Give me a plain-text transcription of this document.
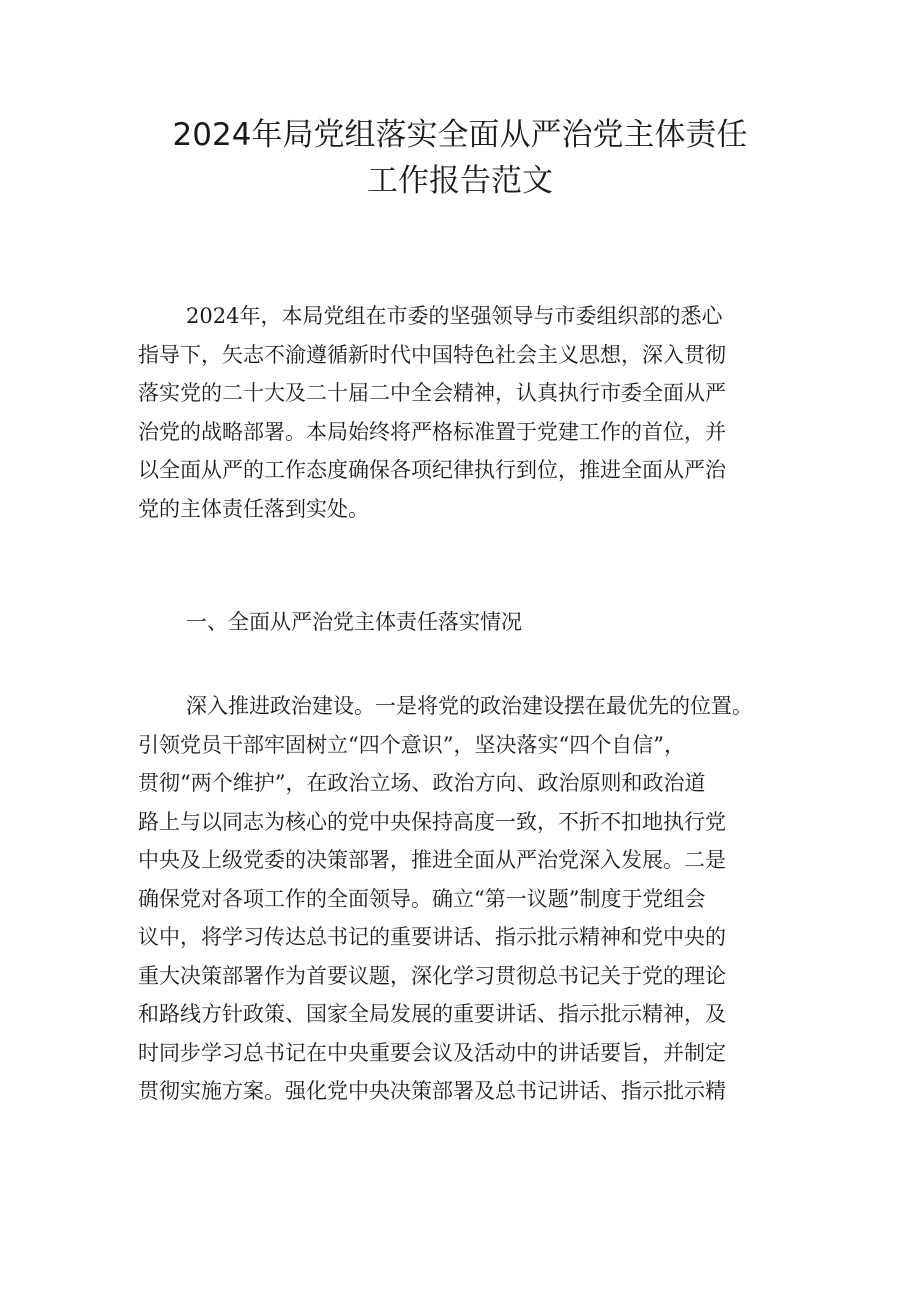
2024年局党组落实全面从严治党主体责任
工作报告范文
2024年，本局党组在市委的坚强领导与市委组织部的悉心
指导下，矢志不渝遵循新时代中国特色社会主义思想，深入贯彻
落实党的二十大及二十届二中全会精神，认真执行市委全面从严
治党的战略部署。本局始终将严格标准置于党建工作的首位，并
以全面从严的工作态度确保各项纪律执行到位，推进全面从严治
党的主体责任落到实处。
一、全面从严治党主体责任落实情况
深入推进政治建设。一是将党的政治建设摆在最优先的位置。
引领党员干部牢固树立“四个意识”，坚决落实“四个自信”，
贯彻“两个维护”，在政治立场、政治方向、政治原则和政治道
路上与以同志为核心的党中央保持高度一致，不折不扣地执行党
中央及上级党委的决策部署，推进全面从严治党深入发展。二是
确保党对各项工作的全面领导。确立“第一议题”制度于党组会
议中，将学习传达总书记的重要讲话、指示批示精神和党中央的
重大决策部署作为首要议题，深化学习贯彻总书记关于党的理论
和路线方针政策、国家全局发展的重要讲话、指示批示精神，及
时同步学习总书记在中央重要会议及活动中的讲话要旨，并制定
贯彻实施方案。强化党中央决策部署及总书记讲话、指示批示精
